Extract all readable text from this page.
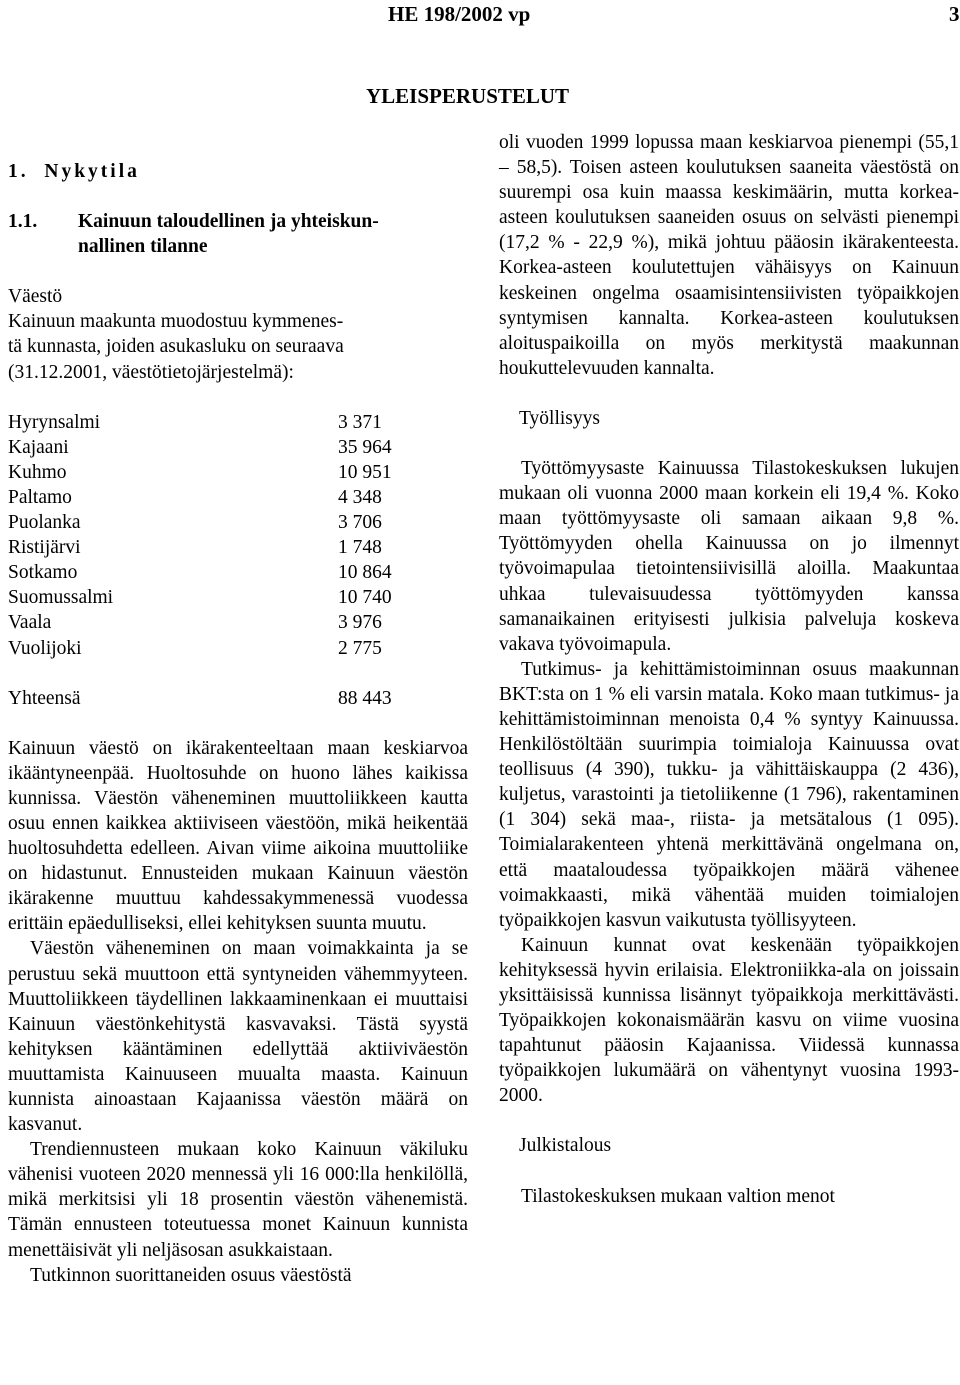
HE 198/2002 vp	3
YLEISPERUSTELUT

1. Nykytila

1.1.	Kainuun taloudellinen ja yhteiskun-
nallinen tilanne

Väestö

Kainuun maakunta muodostuu kymmenes-

tä kunnasta, joiden asukasluku on seuraava

(31.12.2001, väestötietojärjestelmä):

Hyrynsalmi	3 371
Kajaani	35 964
Kuhmo	10 951
Paltamo	4 348
Puolanka	3 706
Ristijärvi	1 748
Sotkamo	10 864
Suomussalmi	10 740
Vaala	3 976
Vuolijoki	2 775

Yhteensä	88 443

Kainuun väestö on ikärakenteeltaan maan keskiarvoa ikääntyneenpää. Huoltosuhde on huono lähes kaikissa kunnissa. Väestön väheneminen muuttoliikkeen kautta osuu ennen kaikkea aktiiviseen väestöön, mikä heikentää huoltosuhdetta edelleen. Aivan viime aikoina muuttoliike on hidastunut. Ennusteiden mukaan Kainuun väestön ikärakenne muuttuu kahdessakymmenessä vuodessa erittäin epäedulliseksi, ellei kehityksen suunta muutu.

Väestön väheneminen on maan voimakkainta ja se perustuu sekä muuttoon että syntyneiden vähemmyyteen. Muuttoliikkeen täydellinen lakkaaminenkaan ei muuttaisi Kainuun väestönkehitystä kasvavaksi. Tästä syystä kehityksen kääntäminen edellyttää aktiiviväestön muuttamista Kainuuseen muualta maasta. Kainuun kunnista ainoastaan Kajaanissa väestön määrä on kasvanut.

Trendiennusteen mukaan koko Kainuun väkiluku vähenisi vuoteen 2020 mennessä yli 16 000:lla henkilöllä, mikä merkitsisi yli 18 prosentin väestön vähenemistä. Tämän ennusteen toteutuessa monet Kainuun kunnista menettäisivät yli neljäsosan asukkaistaan.

Tutkinnon suorittaneiden osuus väestöstä

oli vuoden 1999 lopussa maan keskiarvoa pienempi (55,1 – 58,5). Toisen asteen koulutuksen saaneita väestöstä on suurempi osa kuin maassa keskimäärin, mutta korkea-asteen koulutuksen saaneiden osuus on selvästi pienempi (17,2 % - 22,9 %), mikä johtuu pääosin ikärakenteesta. Korkea-asteen koulutettujen vähäisyys on Kainuun keskeinen ongelma osaamisintensiivisten työpaikkojen syntymisen kannalta. Korkea-asteen koulutuksen aloituspaikoilla on myös merkitystä maakunnan houkuttelevuuden kannalta.

Työllisyys

Työttömyysaste Kainuussa Tilastokeskuksen lukujen mukaan oli vuonna 2000 maan korkein eli 19,4 %. Koko maan työttömyysaste oli samaan aikaan 9,8 %. Työttömyyden ohella Kainuussa on jo ilmennyt työvoimapulaa tietointensiivisillä aloilla. Maakuntaa uhkaa tulevaisuudessa työttömyyden kanssa samanaikainen erityisesti julkisia palveluja koskeva vakava työvoimapula.

Tutkimus- ja kehittämistoiminnan osuus maakunnan BKT:sta on 1 % eli varsin matala. Koko maan tutkimus- ja kehittämistoiminnan menoista 0,4 % syntyy Kainuussa. Henkilöstöltään suurimpia toimialoja Kainuussa ovat teollisuus (4 390), tukku- ja vähittäiskauppa (2 436), kuljetus, varastointi ja tietoliikenne (1 796), rakentaminen (1 304) sekä maa-, riista- ja metsätalous (1 095). Toimialarakenteen yhtenä merkittävänä ongelmana on, että maataloudessa työpaikkojen määrä vähenee voimakkaasti, mikä vähentää muiden toimialojen työpaikkojen kasvun vaikutusta työllisyyteen.

Kainuun kunnat ovat keskenään työpaikkojen kehityksessä hyvin erilaisia. Elektroniikka-ala on joissain yksittäisissä kunnissa lisännyt työpaikkoja merkittävästi. Työpaikkojen kokonaismäärän kasvu on viime vuosina tapahtunut pääosin Kajaanissa. Viidessä kunnassa työpaikkojen lukumäärä on vähentynyt vuosina 1993-2000.

Julkistalous

Tilastokeskuksen mukaan valtion menot
